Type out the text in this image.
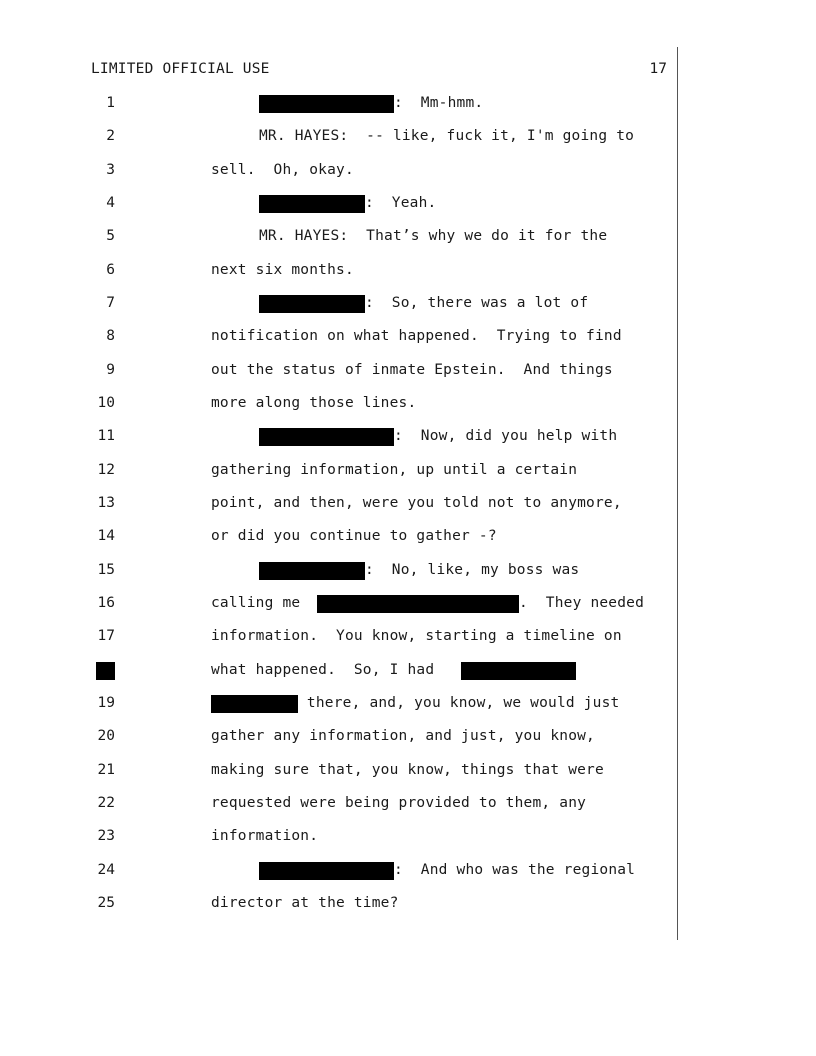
LIMITED OFFICIAL USE	17
1	:  Mm-hmm.
2	MR. HAYES:  -- like, fuck it, I'm going to
3	sell.  Oh, okay.
4	:  Yeah.
5	MR. HAYES:  That’s why we do it for the
6	next six months.
7	:  So, there was a lot of
8	notification on what happened.  Trying to find
9	out the status of inmate Epstein.  And things
10	more along those lines.
11	:  Now, did you help with
12	gathering information, up until a certain
13	point, and then, were you told not to anymore,
14	or did you continue to gather -?
15	:  No, like, my boss was
16	calling me	.  They needed
17	information.  You know, starting a timeline on
what happened.  So, I had
19	there, and, you know, we would just
20	gather any information, and just, you know,
21	making sure that, you know, things that were
22	requested were being provided to them, any
23	information.
24	:  And who was the regional
25	director at the time?
